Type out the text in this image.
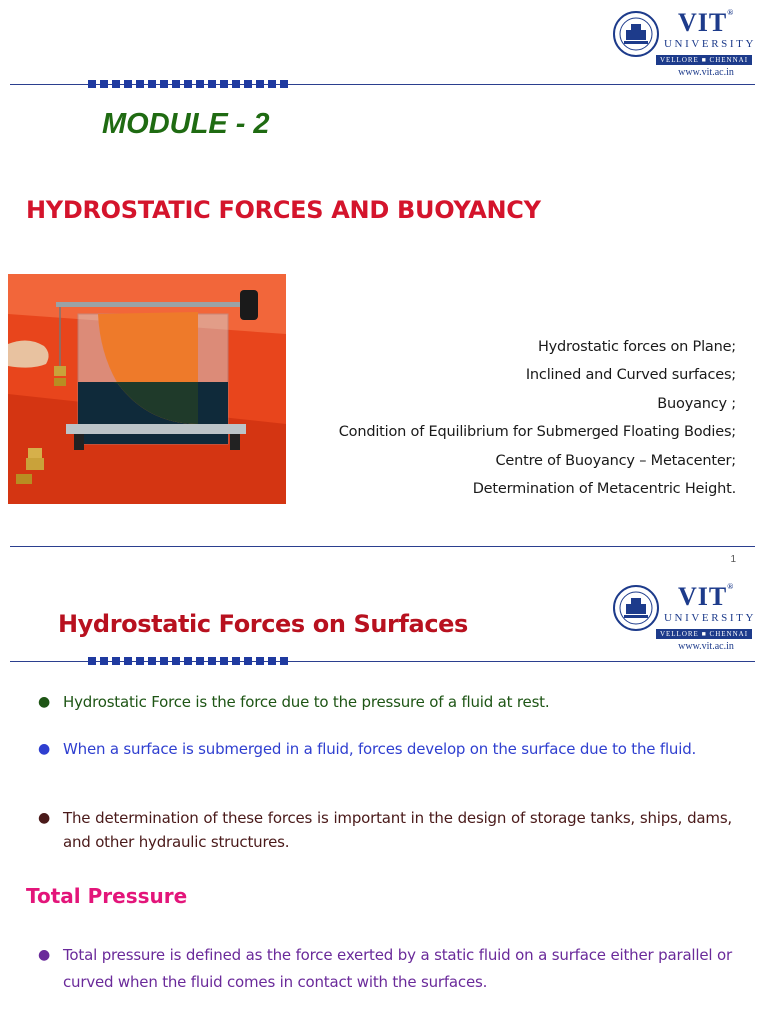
VIT®
UNIVERSITY
VELLORE ■ CHENNAI
www.vit.ac.in
MODULE - 2
HYDROSTATIC FORCES AND BUOYANCY
Hydrostatic forces on Plane;
Inclined and Curved surfaces;
Buoyancy ;
Condition of Equilibrium for Submerged Floating Bodies;
Centre of Buoyancy – Metacenter;
Determination of Metacentric Height.
1
VIT®
UNIVERSITY
VELLORE ■ CHENNAI
www.vit.ac.in
Hydrostatic Forces on Surfaces
● Hydrostatic Force is the force due to the pressure of a fluid at rest.
● When a surface is submerged in a fluid, forces develop on the surface due to the fluid.
● The determination of these forces is important in the design of storage tanks, ships, dams, and other hydraulic structures.
Total Pressure
● Total pressure is defined as the force exerted by a static fluid on a surface either parallel or curved when the fluid comes in contact with the surfaces.
